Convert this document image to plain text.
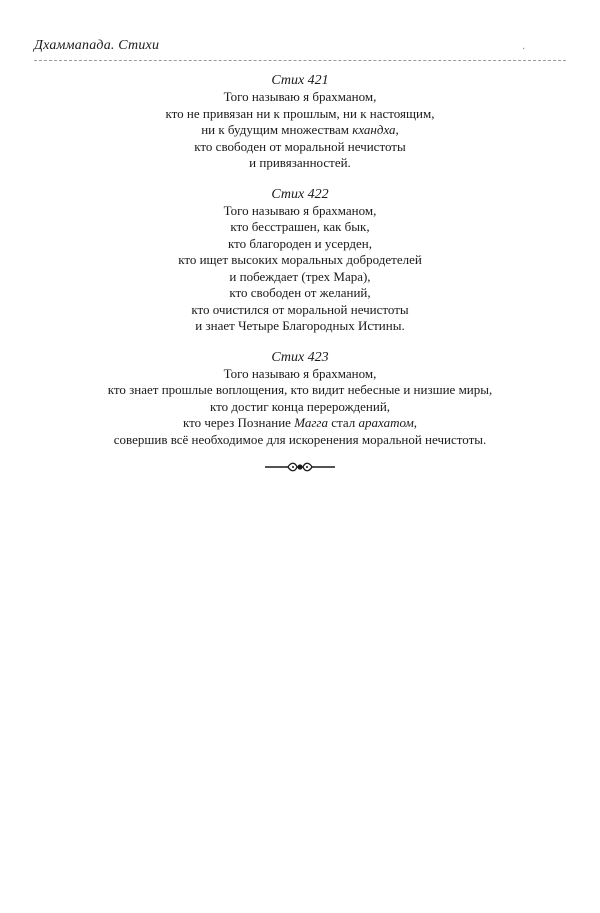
Дхаммапада. Стихи	·
Стих 421
Того называю я брахманом,
кто не привязан ни к прошлым, ни к настоящим,
ни к будущим множествам кхандха,
кто свободен от моральной нечистоты
и привязанностей.
Стих 422
Того называю я брахманом,
кто бесстрашен, как бык,
кто благороден и усерден,
кто ищет высоких моральных добродетелей
и побеждает (трех Мара),
кто свободен от желаний,
кто очистился от моральной нечистоты
и знает Четыре Благородных Истины.
Стих 423
Того называю я брахманом,
кто знает прошлые воплощения, кто видит небесные и низшие миры,
кто достиг конца перерождений,
кто через Познание Магга стал арахатом,
совершив всё необходимое для искоренения моральной нечистоты.
